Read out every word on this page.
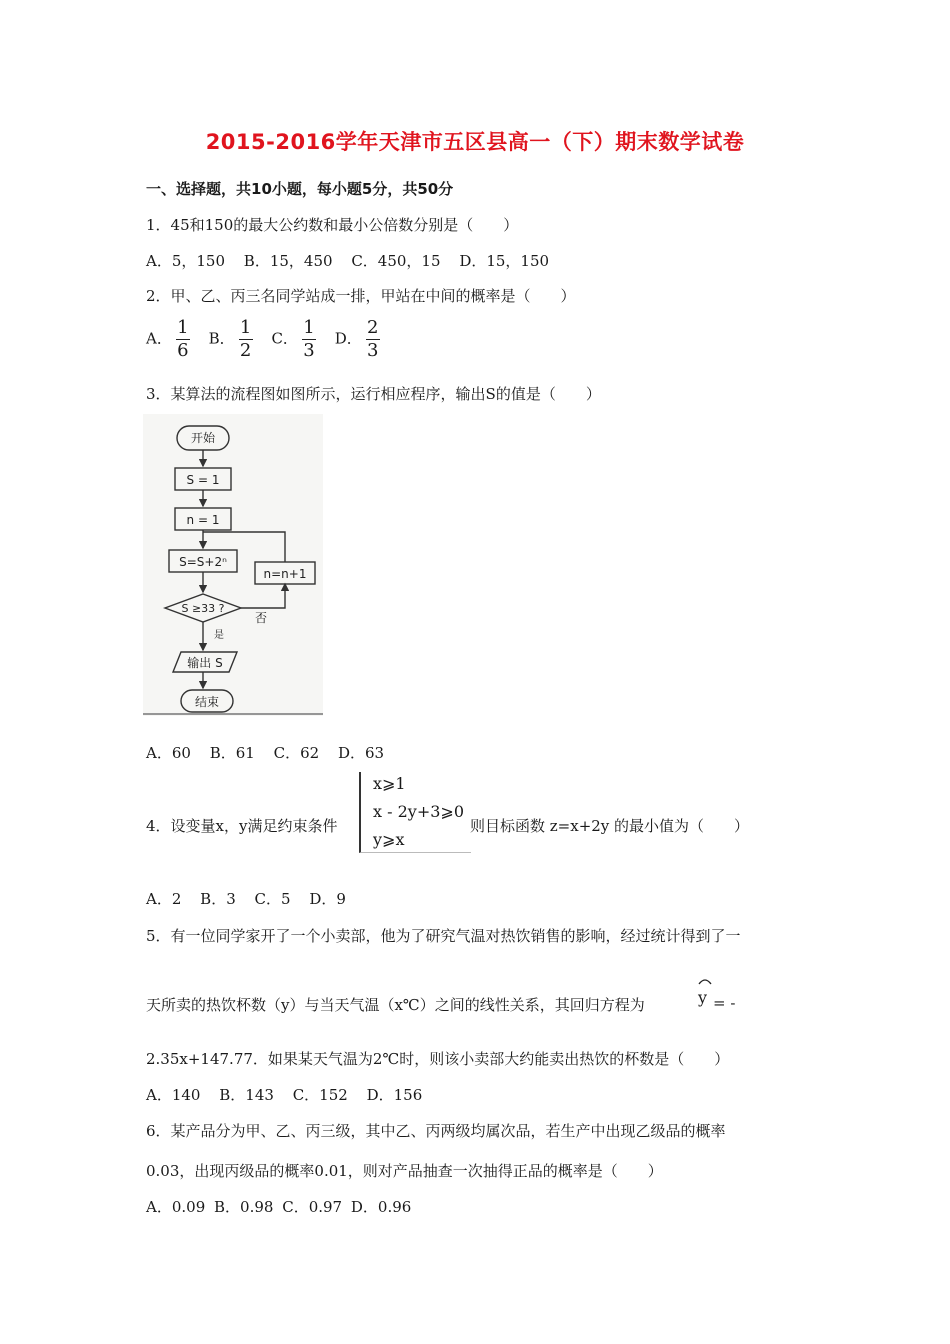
2015-2016学年天津市五区县高一（下）期末数学试卷
一、选择题，共10小题，每小题5分，共50分
1．45和150的最大公约数和最小公倍数分别是（　　）
A．5，150 B．15，450 C．450，15 D．15，150
2．甲、乙、丙三名同学站成一排，甲站在中间的概率是（　　）
A． $\frac{1}{6}$ B． $\frac{1}{2}$ C． $\frac{1}{3}$ D． $\frac{2}{3}$
3．某算法的流程图如图所示，运行相应程序，输出S的值是（　　）
开始
S = 1
n = 1
S=S+2ⁿ
S ≥33 ?
n=n+1
否
是
输出 S
结束
A．60 B．61 C．62 D．63
4．设变量x，y满足约束条件
x⩾1
x - 2y+3⩾0
y⩾x
则目标函数 z=x+2y 的最小值为（　　）
A．2 B．3 C．5 D．9
5．有一位同学家开了一个小卖部，他为了研究气温对热饮销售的影响，经过统计得到了一
天所卖的热饮杯数（y）与当天气温（x℃）之间的线性关系，其回归方程为	y = -
2.35x+147.77．如果某天气温为2℃时，则该小卖部大约能卖出热饮的杯数是（　　）
A．140 B．143 C．152 D．156
6．某产品分为甲、乙、丙三级，其中乙、丙两级均属次品，若生产中出现乙级品的概率
0.03，出现丙级品的概率0.01，则对产品抽查一次抽得正品的概率是（　　）
A．0.09 B．0.98 C．0.97 D．0.96
